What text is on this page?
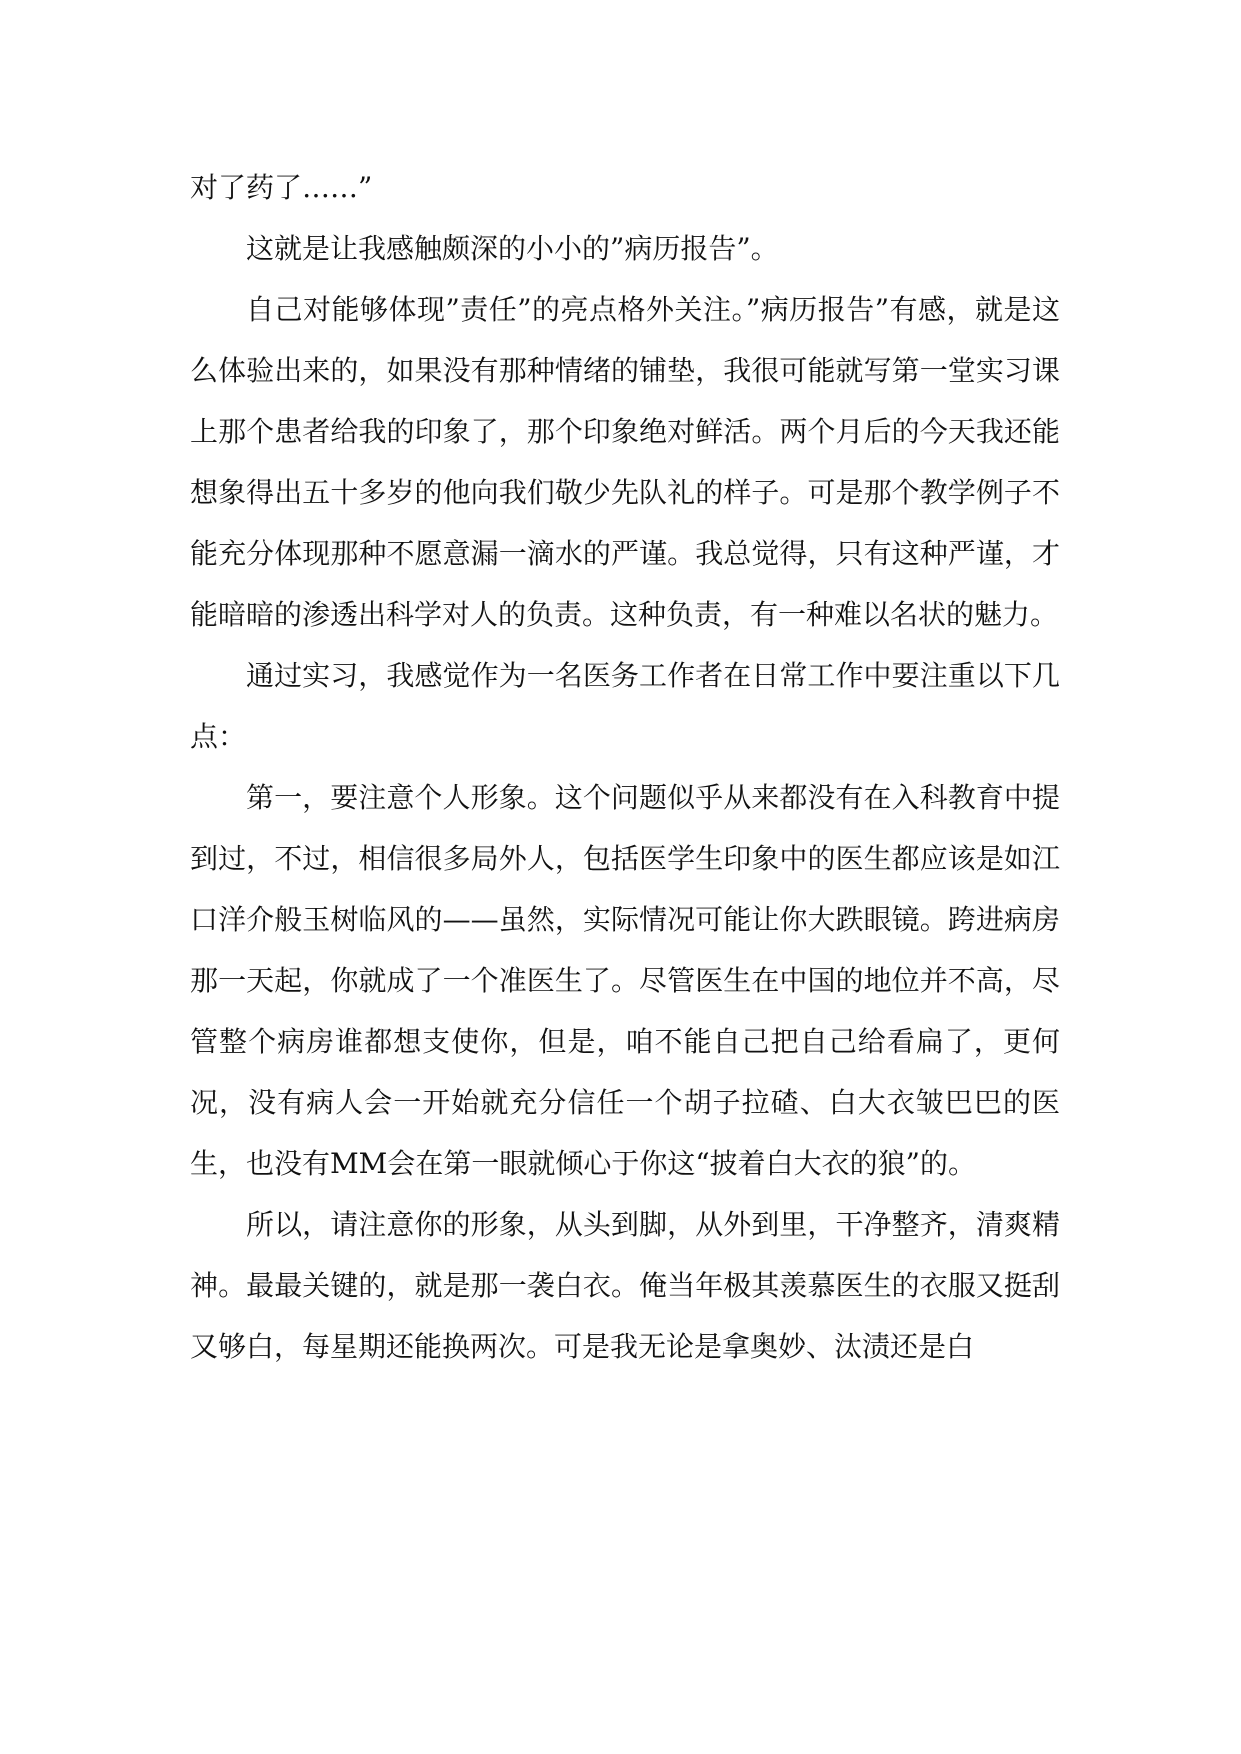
对了药了……”

这就是让我感触颇深的小小的”病历报告”。

自己对能够体现”责任”的亮点格外关注。”病历报告”有感，就是这么体验出来的，如果没有那种情绪的铺垫，我很可能就写第一堂实习课上那个患者给我的印象了，那个印象绝对鲜活。两个月后的今天我还能想象得出五十多岁的他向我们敬少先队礼的样子。可是那个教学例子不能充分体现那种不愿意漏一滴水的严谨。我总觉得，只有这种严谨，才能暗暗的渗透出科学对人的负责。这种负责，有一种难以名状的魅力。

通过实习，我感觉作为一名医务工作者在日常工作中要注重以下几点：

第一，要注意个人形象。这个问题似乎从来都没有在入科教育中提到过，不过，相信很多局外人，包括医学生印象中的医生都应该是如江口洋介般玉树临风的——虽然，实际情况可能让你大跌眼镜。跨进病房那一天起，你就成了一个准医生了。尽管医生在中国的地位并不高，尽管整个病房谁都想支使你，但是，咱不能自己把自己给看扁了，更何况，没有病人会一开始就充分信任一个胡子拉碴、白大衣皱巴巴的医生，也没有MM会在第一眼就倾心于你这“披着白大衣的狼”的。

所以，请注意你的形象，从头到脚，从外到里，干净整齐，清爽精神。最最关键的，就是那一袭白衣。俺当年极其羡慕医生的衣服又挺刮又够白，每星期还能换两次。可是我无论是拿奥妙、汰渍还是白
